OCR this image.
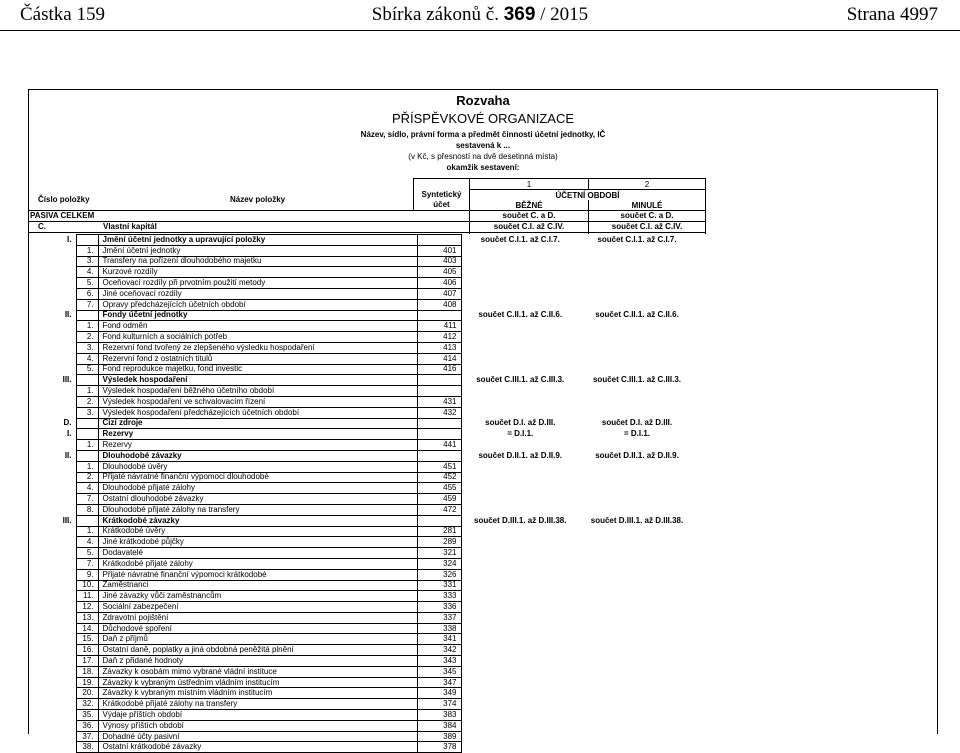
Částka 159	Sbírka zákonů č. 369 / 2015	Strana 4997
Rozvaha
PŘÍSPĚVKOVÉ ORGANIZACE
Název, sídlo, právní forma a předmět činnosti účetní jednotky, IČ
sestavená k ...
(v Kč, s přesností na dvě desetinná místa)
okamžik sestavení:
1	2
Číslo položky	Název položky
Syntetický
účet
ÚČETNÍ OBDOBÍ
BĚŽNÉ	MINULÉ
PASIVA CELKEM	součet C. a D.	součet C. a D.
C.	Vlastní kapitál	součet C.I. až C.IV.	součet C.I. až C.IV.
I.		Jmění účetní jednotky a upravující položky		součet C.I.1. až C.I.7.	součet C.I.1. až C.I.7.
	1.	Jmění účetní jednotky	401		
	3.	Transfery na pořízení dlouhodobého majetku	403		
	4.	Kurzové rozdíly	405		
	5.	Oceňovací rozdíly při prvotním použití metody	406		
	6.	Jiné oceňovací rozdíly	407		
	7.	Opravy předcházejících účetních období	408		
II.		Fondy účetní jednotky		součet C.II.1. až C.II.6.	součet C.II.1. až C.II.6.
	1.	Fond odměn	411		
	2.	Fond kulturních a sociálních potřeb	412		
	3.	Rezervní fond tvořený ze zlepšeného výsledku hospodaření	413		
	4.	Rezervní fond z ostatních titulů	414		
	5.	Fond reprodukce majetku, fond investic	416		
III.		Výsledek hospodaření		součet C.III.1. až C.III.3.	součet C.III.1. až C.III.3.
	1.	Výsledek hospodaření běžného účetního období			
	2.	Výsledek hospodaření ve schvalovacím řízení	431		
	3.	Výsledek hospodaření předcházejících účetních období	432		
D.		Cizí zdroje		součet D.I. až D.III.	součet D.I. až D.III.
I.		Rezervy		= D.I.1.	= D.I.1.
	1.	Rezervy	441		
II.		Dlouhodobé závazky		součet D.II.1. až D.II.9.	součet D.II.1. až D.II.9.
	1.	Dlouhodobé úvěry	451		
	2.	Přijaté návratné finanční výpomoci dlouhodobé	452		
	4.	Dlouhodobé přijaté zálohy	455		
	7.	Ostatní dlouhodobé závazky	459		
	8.	Dlouhodobé přijaté zálohy na transfery	472		
III.		Krátkodobé závazky		součet D.III.1. až D.III.38.	součet D.III.1. až D.III.38.
	1.	Krátkodobé úvěry	281		
	4.	Jiné krátkodobé půjčky	289		
	5.	Dodavatelé	321		
	7.	Krátkodobé přijaté zálohy	324		
	9.	Přijaté návratné finanční výpomoci krátkodobé	326		
	10.	Zaměstnanci	331		
	11.	Jiné závazky vůči zaměstnancům	333		
	12.	Sociální zabezpečení	336		
	13.	Zdravotní pojištění	337		
	14.	Důchodové spoření	338		
	15.	Daň z příjmů	341		
	16.	Ostatní daně, poplatky a jiná obdobná peněžitá plnění	342		
	17.	Daň z přidané hodnoty	343		
	18.	Závazky k osobám mimo vybrané vládní instituce	345		
	19.	Závazky k vybraným ústředním vládním institucím	347		
	20.	Závazky k vybraným místním vládním institucím	349		
	32.	Krátkodobé přijaté zálohy na transfery	374		
	35.	Výdaje příštích období	383		
	36.	Výnosy příštích období	384		
	37.	Dohadné účty pasivní	389		
	38.	Ostatní krátkodobé závazky	378		
